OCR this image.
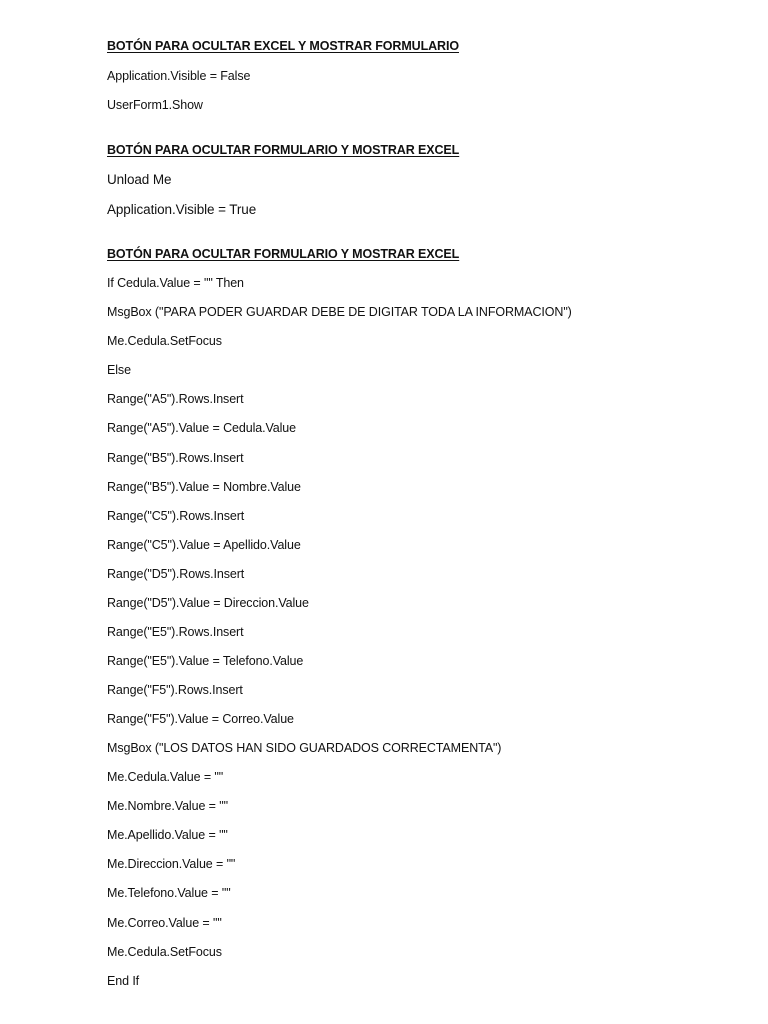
BOTÓN PARA OCULTAR EXCEL Y MOSTRAR FORMULARIO
Application.Visible = False
UserForm1.Show
BOTÓN PARA OCULTAR FORMULARIO Y MOSTRAR EXCEL
Unload Me
Application.Visible = True
BOTÓN PARA OCULTAR FORMULARIO Y MOSTRAR EXCEL
If Cedula.Value = "" Then
MsgBox ("PARA PODER GUARDAR DEBE DE DIGITAR TODA LA INFORMACION")
Me.Cedula.SetFocus
Else
Range("A5").Rows.Insert
Range("A5").Value = Cedula.Value
Range("B5").Rows.Insert
Range("B5").Value = Nombre.Value
Range("C5").Rows.Insert
Range("C5").Value = Apellido.Value
Range("D5").Rows.Insert
Range("D5").Value = Direccion.Value
Range("E5").Rows.Insert
Range("E5").Value = Telefono.Value
Range("F5").Rows.Insert
Range("F5").Value = Correo.Value
MsgBox ("LOS DATOS HAN SIDO GUARDADOS CORRECTAMENTA")
Me.Cedula.Value = ""
Me.Nombre.Value = ""
Me.Apellido.Value = ""
Me.Direccion.Value = ""
Me.Telefono.Value = ""
Me.Correo.Value = ""
Me.Cedula.SetFocus
End If
